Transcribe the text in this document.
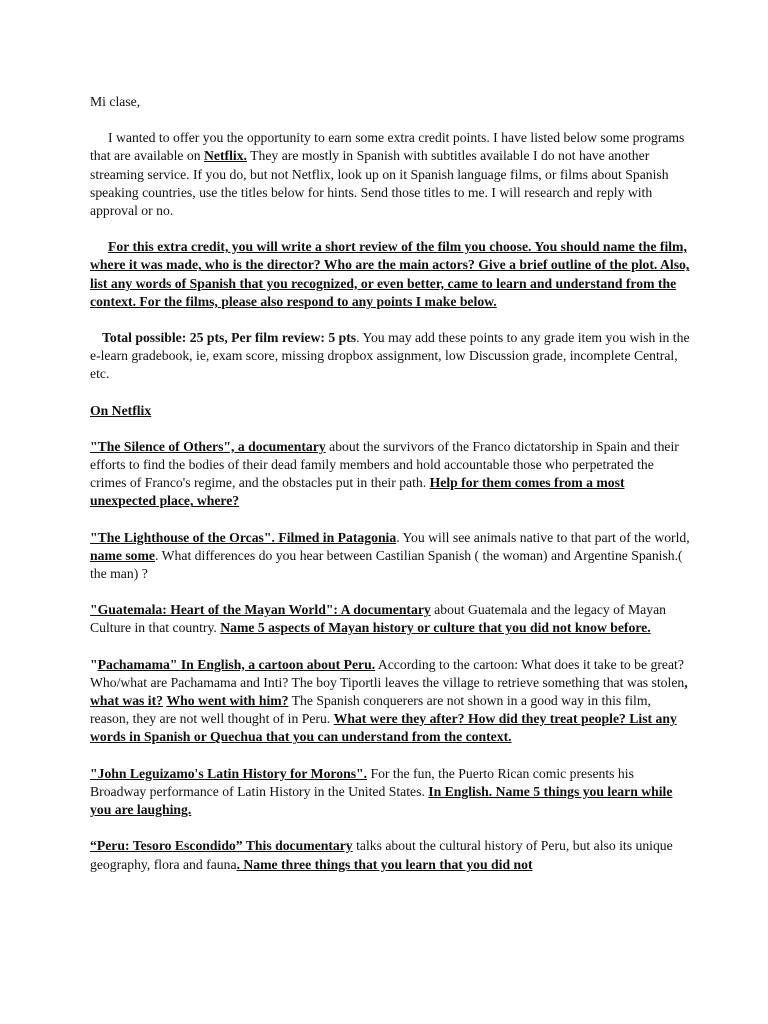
Mi clase,

I wanted to offer you the opportunity to earn some extra credit points. I have listed below some programs that are available on Netflix. They are mostly in Spanish with subtitles available I do not have another streaming service. If you do, but not Netflix, look up on it Spanish language films, or films about Spanish speaking countries, use the titles below for hints. Send those titles to me. I will research and reply with approval or no.

For this extra credit, you will write a short review of the film you choose. You should name the film, where it was made, who is the director? Who are the main actors? Give a brief outline of the plot. Also, list any words of Spanish that you recognized, or even better, came to learn and understand from the context. For the films, please also respond to any points I make below.

Total possible: 25 pts, Per film review: 5 pts. You may add these points to any grade item you wish in the e-learn gradebook, ie, exam score, missing dropbox assignment, low Discussion grade, incomplete Central, etc.

On Netflix

"The Silence of Others", a documentary about the survivors of the Franco dictatorship in Spain and their efforts to find the bodies of their dead family members and hold accountable those who perpetrated the crimes of Franco's regime, and the obstacles put in their path. Help for them comes from a most unexpected place, where?

"The Lighthouse of the Orcas". Filmed in Patagonia. You will see animals native to that part of the world, name some. What differences do you hear between Castilian Spanish ( the woman) and Argentine Spanish.( the man) ?

"Guatemala: Heart of the Mayan World": A documentary about Guatemala and the legacy of Mayan Culture in that country. Name 5 aspects of Mayan history or culture that you did not know before.

"Pachamama" In English, a cartoon about Peru. According to the cartoon: What does it take to be great? Who/what are Pachamama and Inti? The boy Tiportli leaves the village to retrieve something that was stolen, what was it? Who went with him? The Spanish conquerers are not shown in a good way in this film, reason, they are not well thought of in Peru. What were they after? How did they treat people? List any words in Spanish or Quechua that you can understand from the context.

"John Leguizamo's Latin History for Morons". For the fun, the Puerto Rican comic presents his Broadway performance of Latin History in the United States. In English. Name 5 things you learn while you are laughing.

“Peru: Tesoro Escondido” This documentary talks about the cultural history of Peru, but also its unique geography, flora and fauna. Name three things that you learn that you did not
